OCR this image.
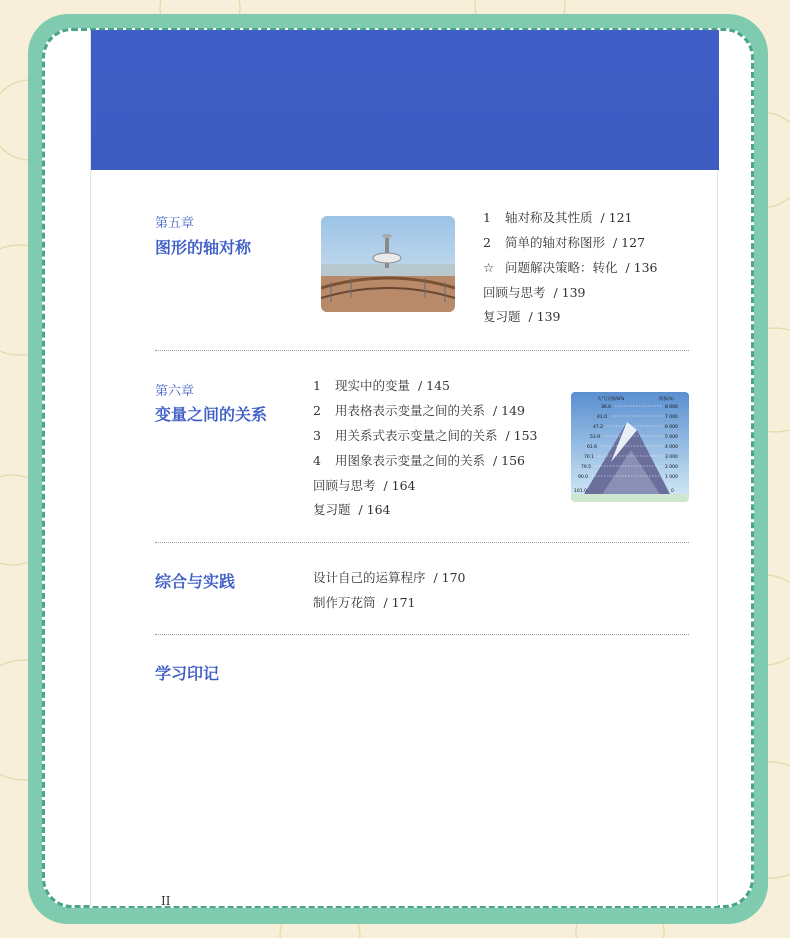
第五章
图形的轴对称
1 轴对称及其性质 / 121
2 简单的轴对称图形 / 127
☆ 问题解决策略：转化 / 136
回顾与思考 / 139
复习题 / 139
第六章
变量之间的关系
1 现实中的变量 / 145
2 用表格表示变量之间的关系 / 149
3 用关系式表示变量之间的关系 / 153
4 用图象表示变量之间的关系 / 156
回顾与思考 / 164
复习题 / 164
大气压强/kPa	海拔/m
36.0
41.0
47.2
53.9
61.6
70.1
79.5
90.0
101.0
8 000
7 000
6 000
5 000
4 000
3 000
2 000
1 000
0
综合与实践	设计自己的运算程序 / 170
制作万花筒 / 171
学习印记
II
